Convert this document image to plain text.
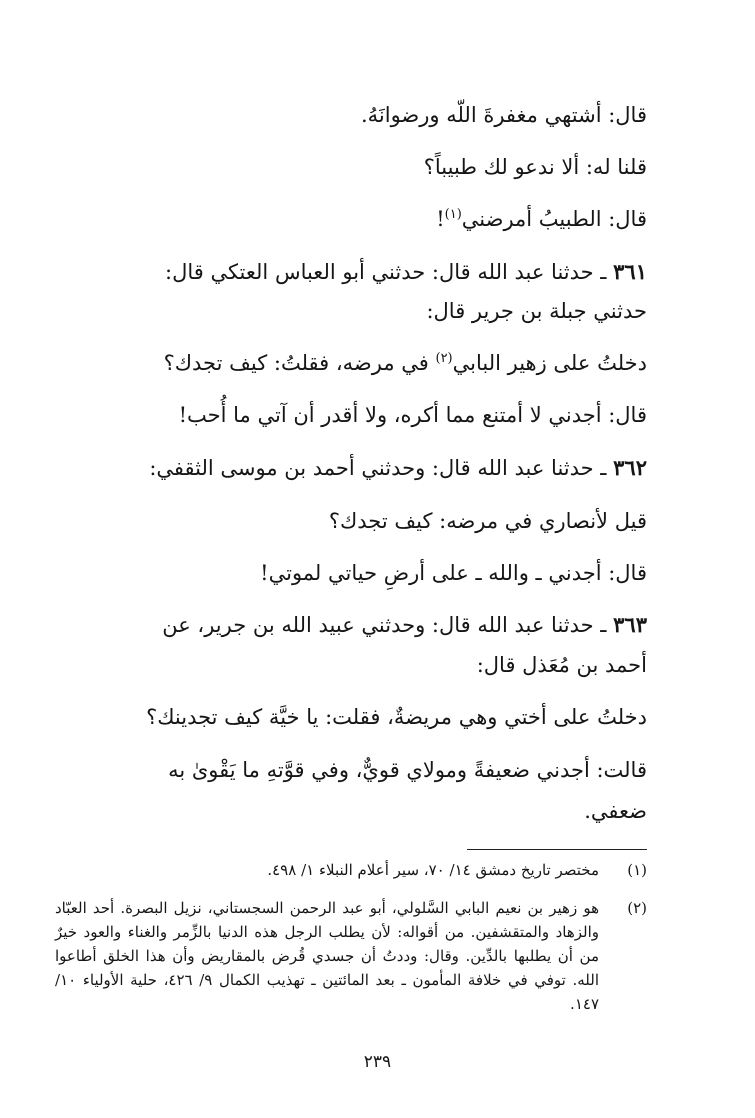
قال: أشتهي مغفرةَ اللّه ورضوانَهُ.
قلنا له: ألا ندعو لك طبيباً؟
قال: الطبيبُ أمرضني$^{(١)}$!
٣٦١ ـ حدثنا عبد الله قال: حدثني أبو العباس العتكي قال:
حدثني جبلة بن جرير قال:
دخلتُ على زهير البابي$^{(٢)}$ في مرضه، فقلتُ: كيف تجدك؟
قال: أجدني لا أمتنع مما أكره، ولا أقدر أن آتي ما أُحب!
٣٦٢ ـ حدثنا عبد الله قال: وحدثني أحمد بن موسى الثقفي:
قيل لأنصاري في مرضه: كيف تجدك؟
قال: أجدني ـ والله ـ على أرضِ حياتي لموتي!
٣٦٣ ـ حدثنا عبد الله قال: وحدثني عبيد الله بن جرير، عن
أحمد بن مُعَذل قال:
دخلتُ على أختي وهي مريضةٌ، فقلت: يا خيَّة كيف تجدينك؟
قالت: أجدني ضعيفةً ومولاي قويٌّ، وفي قوَّتهِ ما يَقْوىٰ به
ضعفي.
(١)
مختصر تاريخ دمشق ١٤/ ٧٠، سير أعلام النبلاء ١/ ٤٩٨.
(٢)
هو زهير بن نعيم البابي السَّلولي، أبو عبد الرحمن السجستاني، نزيل البصرة. أحد العبّاد والزهاد والمتقشفين. من أقواله: لأن يطلب الرجل هذه الدنيا بالزِّمر والغناء والعود خيرٌ من أن يطلبها بالدِّين. وقال: وددتُ أن جسدي قُرض بالمقاريض وأن هذا الخلق أطاعوا الله. توفي في خلافة المأمون ـ بعد المائتين ـ تهذيب الكمال ٩/ ٤٢٦، حلية الأولياء ١٠/ ١٤٧.
٢٣٩
